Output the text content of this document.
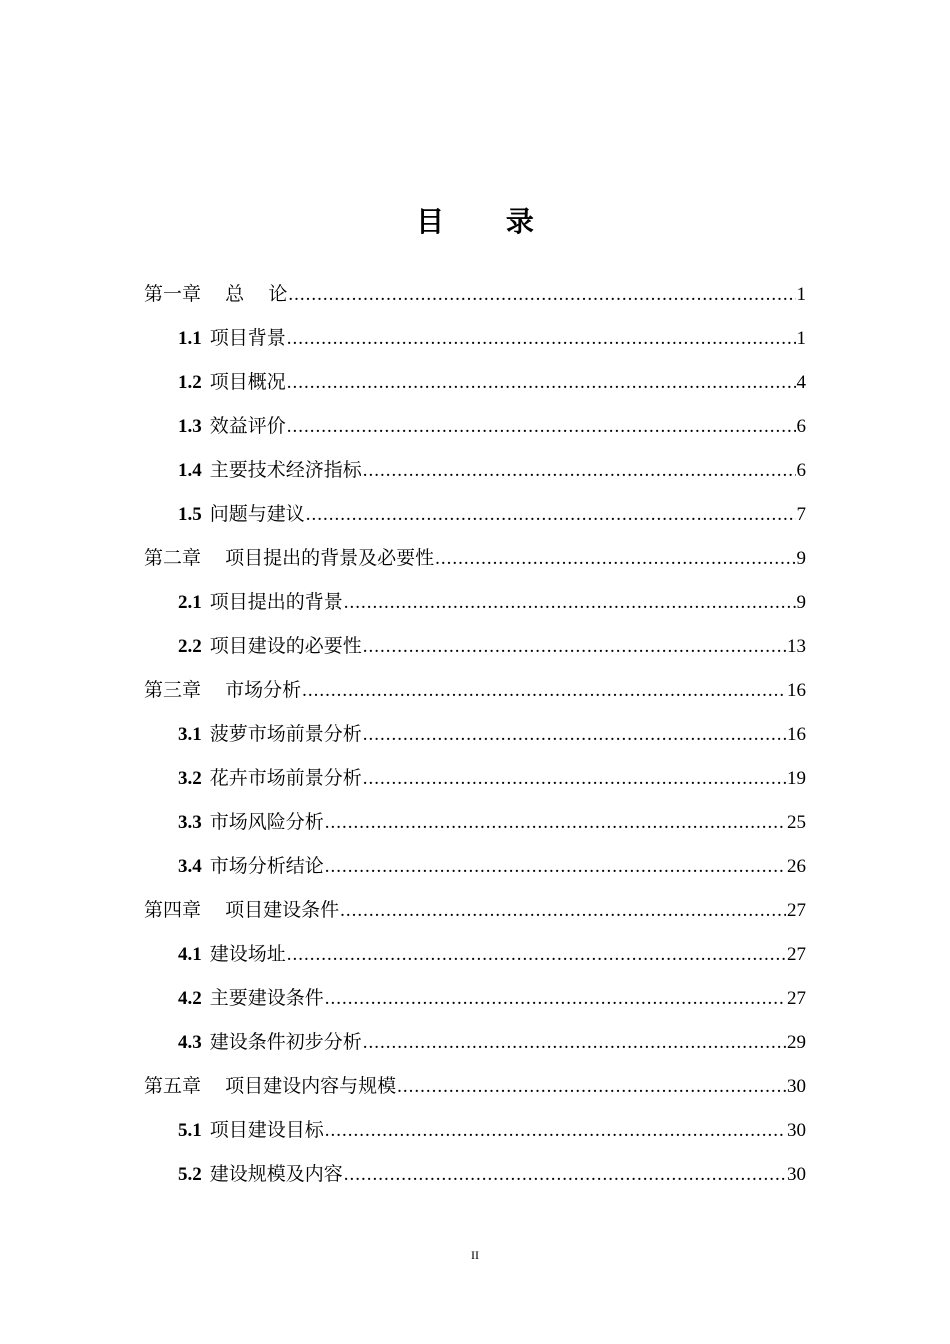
目 录
第一章    总    论 .....	1
1.1 项目背景 .....	1
1.2 项目概况 .....	4
1.3 效益评价 .....	6
1.4 主要技术经济指标 .....	6
1.5 问题与建议 .....	7
第二章    项目提出的背景及必要性 .....	9
2.1 项目提出的背景 .....	9
2.2 项目建设的必要性 .....	13
第三章    市场分析 .....	16
3.1 菠萝市场前景分析 .....	16
3.2 花卉市场前景分析 .....	19
3.3 市场风险分析 .....	25
3.4 市场分析结论 .....	26
第四章    项目建设条件 .....	27
4.1 建设场址 .....	27
4.2 主要建设条件 .....	27
4.3 建设条件初步分析 .....	29
第五章    项目建设内容与规模 .....	30
5.1 项目建设目标 .....	30
5.2 建设规模及内容 .....	30
II
